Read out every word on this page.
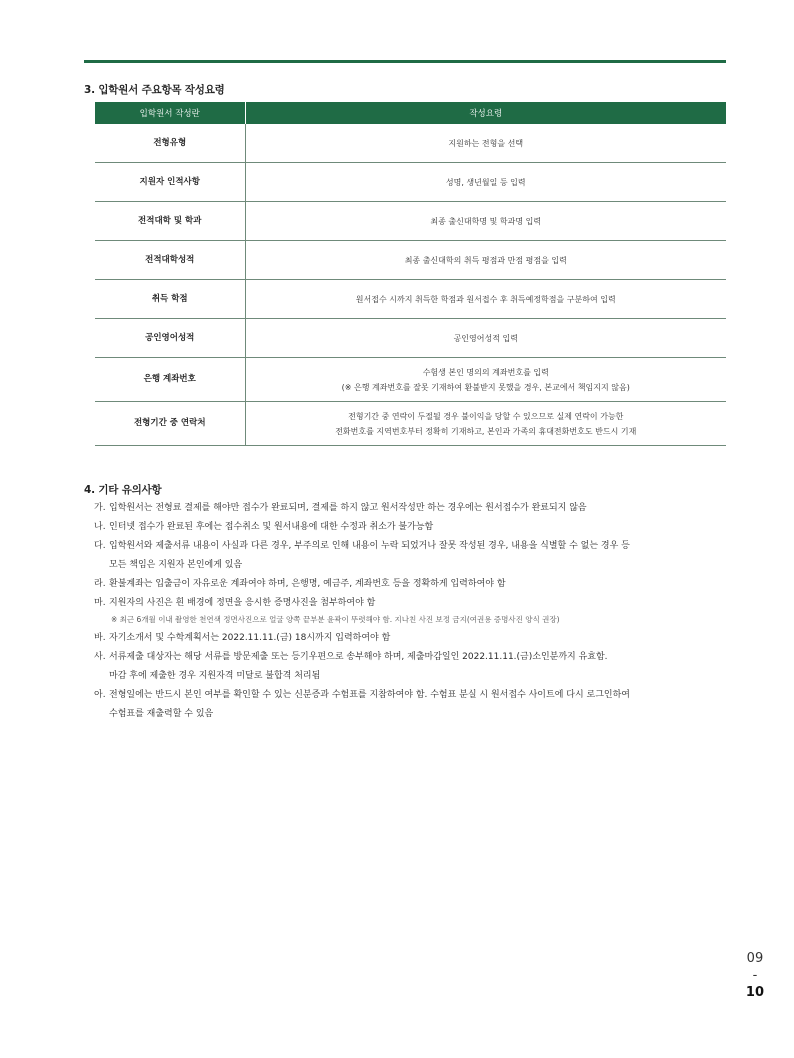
3. 입학원서 주요항목 작성요령
입학원서 작성란	작성요령
전형유형	지원하는 전형을 선택
지원자 인적사항	성명, 생년월일 등 입력
전적대학 및 학과	최종 출신대학명 및 학과명 입력
전적대학성적	최종 출신대학의 취득 평점과 만점 평점을 입력
취득 학점	원서접수 시까지 취득한 학점과 원서접수 후 취득예정학점을 구분하여 입력
공인영어성적	공인영어성적 입력
은행 계좌번호	수험생 본인 명의의 계좌번호를 입력
(※ 은행 계좌번호를 잘못 기재하여 환불받지 못했을 경우, 본교에서 책임지지 않음)

전형기간 중 연락처	전형기간 중 연락이 두절될 경우 불이익을 당할 수 있으므로 실제 연락이 가능한
전화번호를 지역번호부터 정확히 기재하고, 본인과 가족의 휴대전화번호도 반드시 기재
4. 기타 유의사항
가. 입학원서는 전형료 결제를 해야만 접수가 완료되며, 결제를 하지 않고 원서작성만 하는 경우에는 원서접수가 완료되지 않음
나. 인터넷 접수가 완료된 후에는 접수취소 및 원서내용에 대한 수정과 취소가 불가능함
다. 입학원서와 제출서류 내용이 사실과 다른 경우, 부주의로 인해 내용이 누락 되었거나 잘못 작성된 경우, 내용을 식별할 수 없는 경우 등
모든 책임은 지원자 본인에게 있음
라. 환불계좌는 입출금이 자유로운 계좌여야 하며, 은행명, 예금주, 계좌번호 등을 정확하게 입력하여야 함
마. 지원자의 사진은 흰 배경에 정면을 응시한 증명사진을 첨부하여야 함
※ 최근 6개월 이내 촬영한 천연색 정면사진으로 얼굴 양쪽 끝부분 윤곽이 뚜렷해야 함. 지나친 사진 보정 금지(여권용 증명사진 양식 권장)
바. 자기소개서 및 수학계획서는 2022.11.11.(금) 18시까지 입력하여야 함
사. 서류제출 대상자는 해당 서류를 방문제출 또는 등기우편으로 송부해야 하며, 제출마감일인 2022.11.11.(금)소인분까지 유효함.
마감 후에 제출한 경우 지원자격 미달로 불합격 처리됨
아. 전형일에는 반드시 본인 여부를 확인할 수 있는 신분증과 수험표를 지참하여야 함. 수험표 분실 시 원서접수 사이트에 다시 로그인하여
수험표를 재출력할 수 있음
09
-
10
